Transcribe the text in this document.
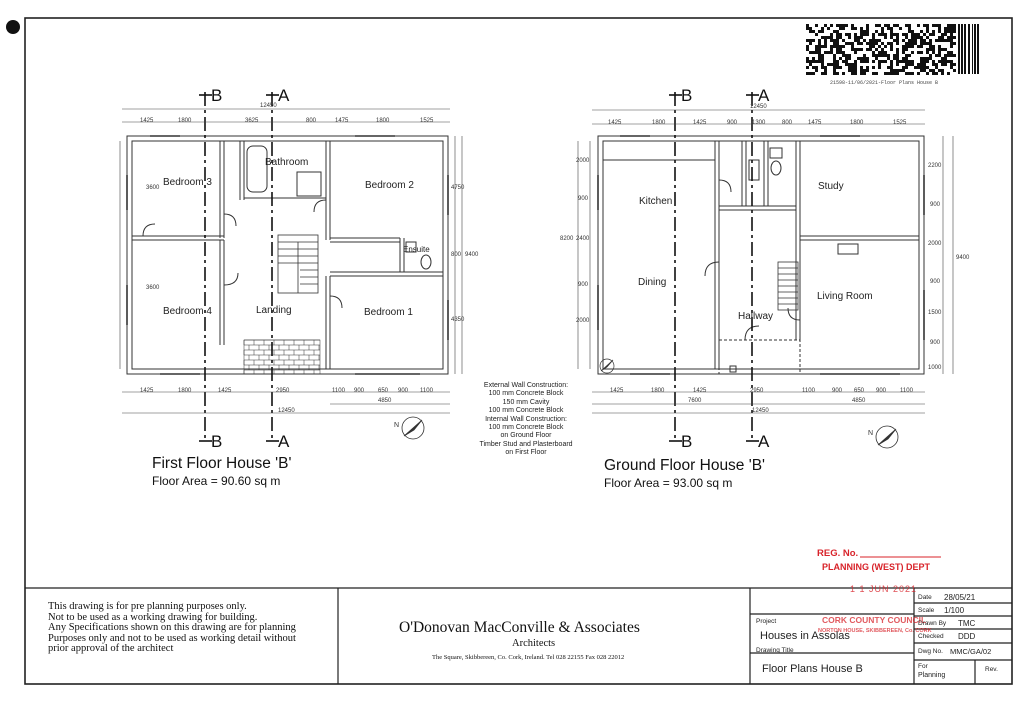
B	A
B	A
Bedroom 3
Bathroom
Bedroom 2
Ensuite
Bedroom 4	Landing	Bedroom 1
12450
1425	1800	3625	800	1475	1800	1525
1425	1800	1425	2950	1100 900 650 900 1100
4850
12450
4750
800
4350
9400
3600
3600
First Floor House 'B'
Floor Area = 90.60 sq m
B	A
B	A
Kitchen
Study
Dining
Living Room
Hallway
12450
1425	1800	1425	900 1300	800	1475	1800	1525
1425	1800	1425	2950	1100	900 650 900 1100
7600	4850
12450
2000
900
2400
900
2000
8200
2200
900
2000
900
1500
900
1000
9400
Ground Floor House 'B'
Floor Area = 93.00 sq m
N
N
External Wall Construction:
100 mm Concrete Block
150 mm Cavity
100 mm Concrete Block
Internal Wall Construction:
100 mm Concrete Block
on Ground Floor
Timber Stud and Plasterboard
on First Floor
21598-11/06/2021-Floor Plans House B
REG. No.
PLANNING (WEST) DEPT
1 1 JUN 2021
CORK COUNTY COUNCIL
NORTON HOUSE, SKIBBEREEN, Co. CORK
This drawing is for pre planning purposes only.
Not to be used as a working drawing for building.
Any Specifications shown on this drawing are for planning
Purposes only and not to be used as working detail without
prior approval of the architect
O'Donovan MacConville & Associates
Architects
The Square, Skibbereen, Co. Cork, Ireland. Tel 028 22155 Fax 028 22012
Project
Houses in Assolas
Drawing Title
Floor Plans House B
Date 28/05/21
Scale 1/100
Drawn By TMC
Checked DDD
Dwg No. MMC/GA/02
For
Planning
Rev.
